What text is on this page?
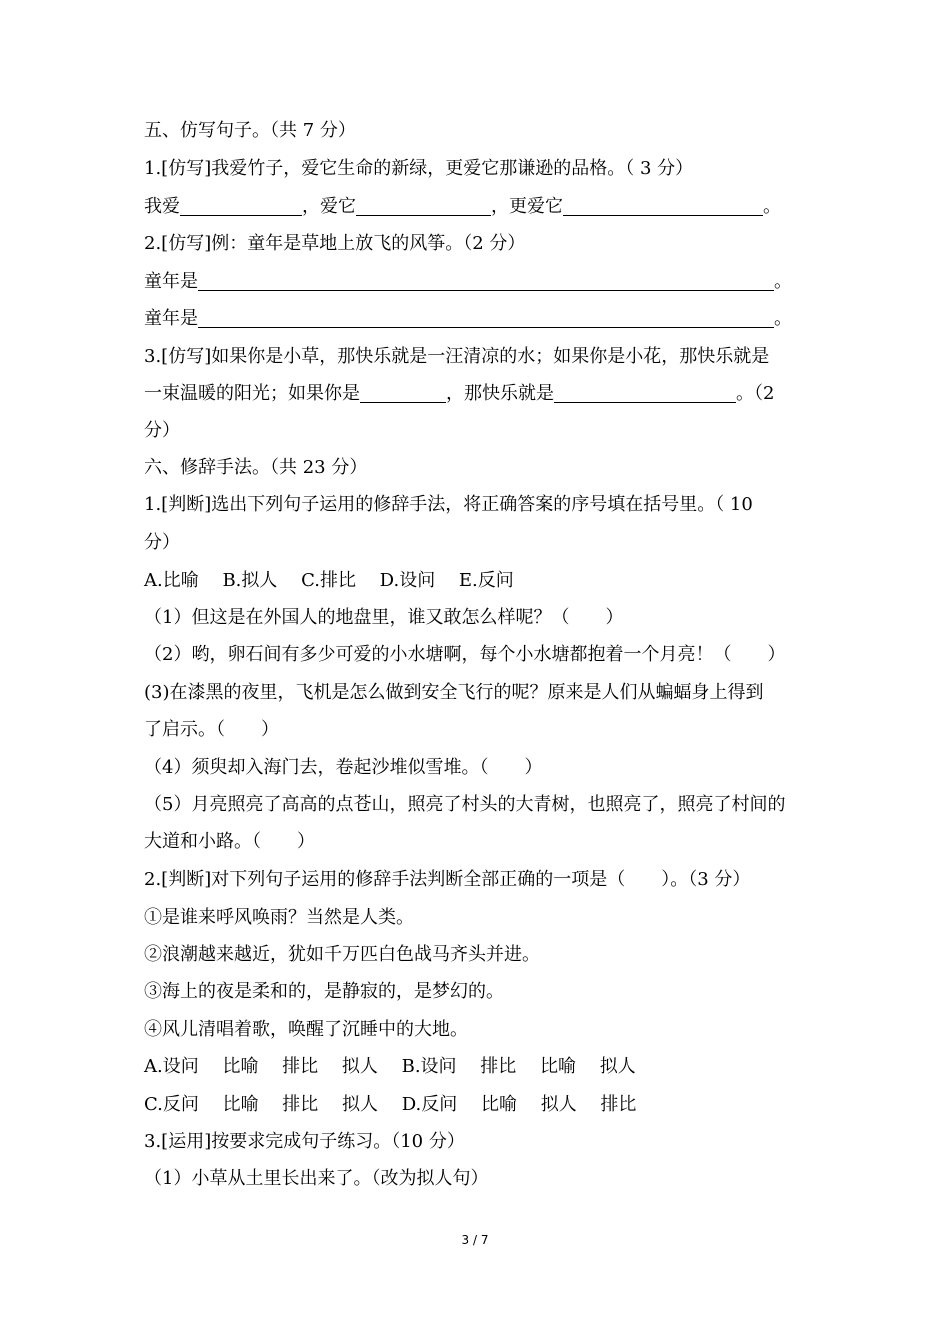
五、仿写句子。（共 7 分）
1.[仿写]我爱竹子，爱它生命的新绿，更爱它那谦逊的品格。（ 3 分）
我爱	，爱它	，更爱它	。
2.[仿写]例：童年是草地上放飞的风筝。（2 分）
童年是	。
童年是	。
3.[仿写]如果你是小草，那快乐就是一汪清凉的水；如果你是小花，那快乐就是
一束温暖的阳光；如果你是	，那快乐就是	。（2
分）
六、修辞手法。（共 23 分）
1.[判断]选出下列句子运用的修辞手法，将正确答案的序号填在括号里。（ 10
分）
A.比喻　 B.拟人 　C.排比 　D.设问 　E.反问
（1）但这是在外国人的地盘里，谁又敢怎么样呢？（　　）
（2）哟，卵石间有多少可爱的小水塘啊，每个小水塘都抱着一个月亮！（　　）
(3)在漆黑的夜里，飞机是怎么做到安全飞行的呢？原来是人们从蝙蝠身上得到
了启示。（　　）
（4）须臾却入海门去，卷起沙堆似雪堆。（　　）
（5）月亮照亮了高高的点苍山，照亮了村头的大青树，也照亮了，照亮了村间的
大道和小路。（　　）
2.[判断]对下列句子运用的修辞手法判断全部正确的一项是（　　）。（3 分）
①是谁来呼风唤雨？当然是人类。
②浪潮越来越近，犹如千万匹白色战马齐头并进。
③海上的夜是柔和的，是静寂的，是梦幻的。
④风儿清唱着歌，唤醒了沉睡中的大地。
A.设问　 比喻　 排比 　拟人　 B.设问　 排比　 比喻　 拟人
C.反问　 比喻　 排比 　拟人　 D.反问　 比喻　 拟人　 排比
3.[运用]按要求完成句子练习。（10 分）
（1）小草从土里长出来了。（改为拟人句）
3 / 7
